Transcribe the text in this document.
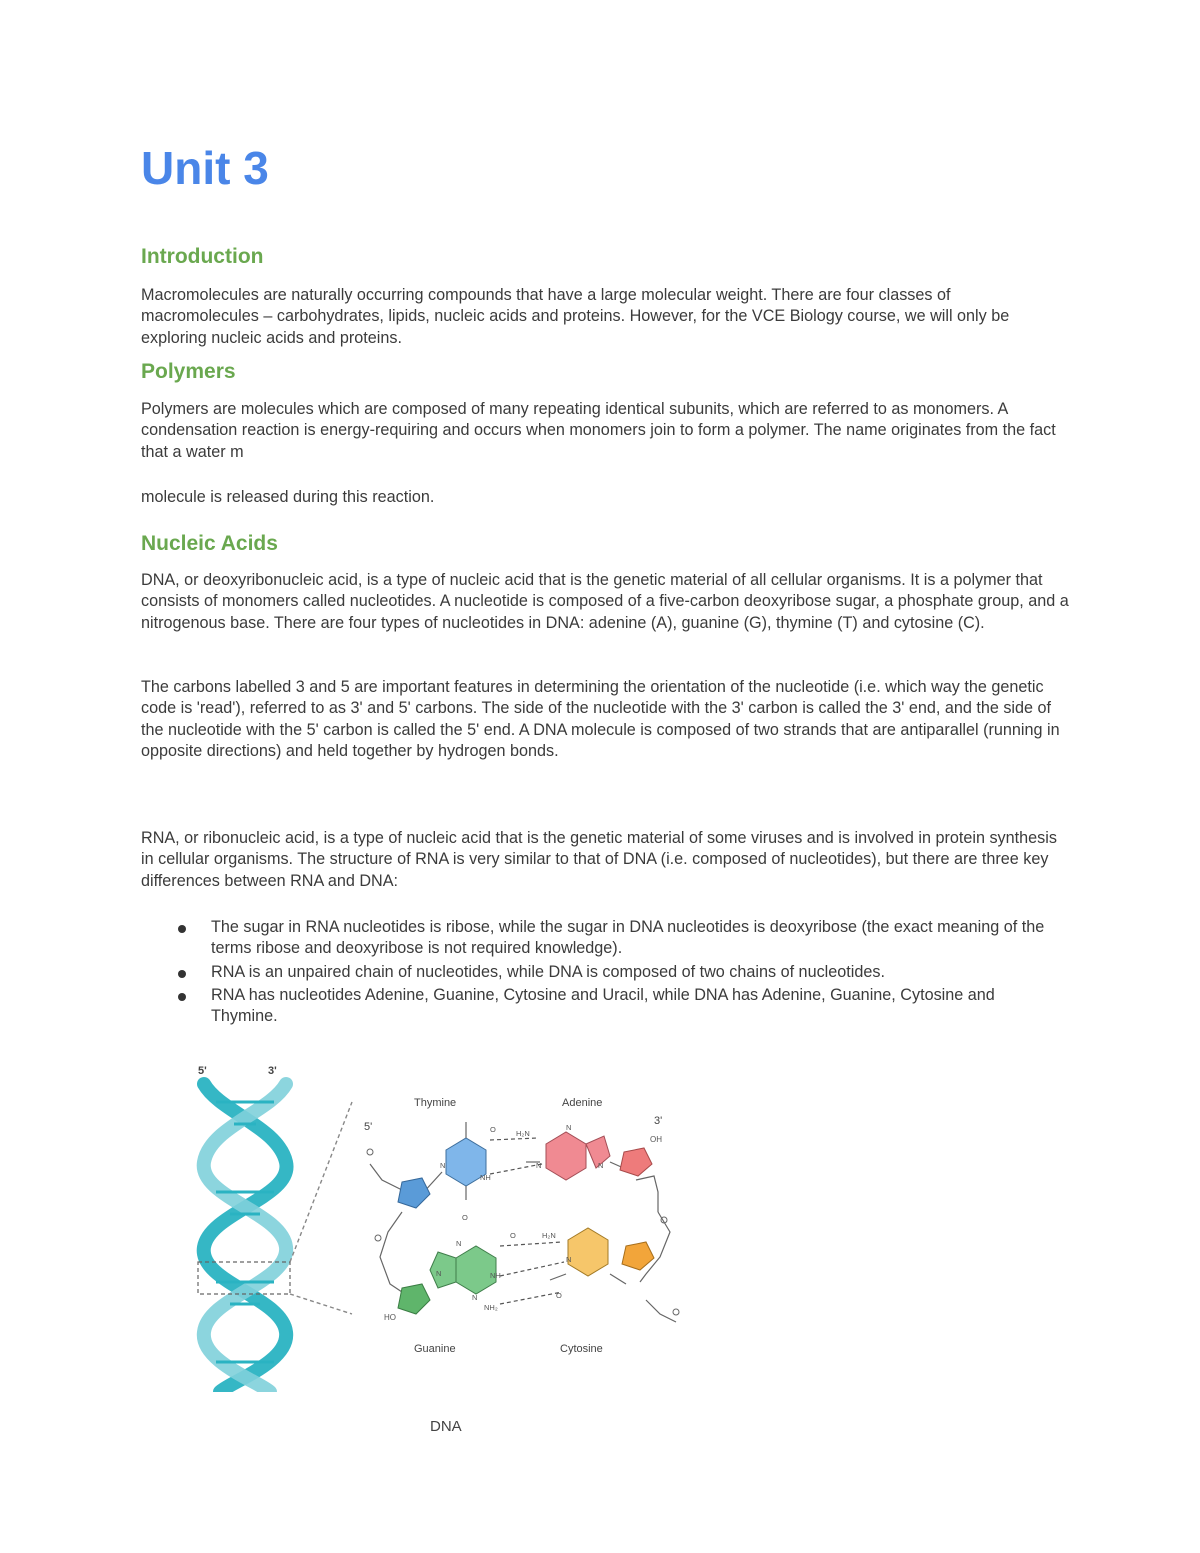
Unit 3
Introduction

Macromolecules are naturally occurring compounds that have a large molecular weight. There are four classes of macromolecules – carbohydrates, lipids, nucleic acids and proteins. However, for the VCE Biology course, we will only be exploring nucleic acids and proteins.

Polymers

Polymers are molecules which are composed of many repeating identical subunits, which are referred to as monomers. A condensation reaction is energy-requiring and occurs when monomers join to form a polymer. The name originates from the fact that a water m

molecule is released during this reaction.

Nucleic Acids

DNA, or deoxyribonucleic acid, is a type of nucleic acid that is the genetic material of all cellular organisms. It is a polymer that consists of monomers called nucleotides. A nucleotide is composed of a five-carbon deoxyribose sugar, a phosphate group, and a nitrogenous base. There are four types of nucleotides in DNA: adenine (A), guanine (G), thymine (T) and cytosine (C).

The carbons labelled 3 and 5 are important features in determining the orientation of the nucleotide (i.e. which way the genetic code is 'read'), referred to as 3' and 5' carbons. The side of the nucleotide with the 3' carbon is called the 3' end, and the side of the nucleotide with the 5' carbon is called the 5' end. A DNA molecule is composed of two strands that are antiparallel (running in opposite directions) and held together by hydrogen bonds.

RNA, or ribonucleic acid, is a type of nucleic acid that is the genetic material of some viruses and is involved in protein synthesis in cellular organisms. The structure of RNA is very similar to that of DNA (i.e. composed of nucleotides), but there are three key differences between RNA and DNA:

The sugar in RNA nucleotides is ribose, while the sugar in DNA nucleotides is deoxyribose (the exact meaning of the terms ribose and deoxyribose is not required knowledge).
RNA is an unpaired chain of nucleotides, while DNA is composed of two chains of nucleotides.
RNA has nucleotides Adenine, Guanine, Cytosine and Uracil, while DNA has Adenine, Guanine, Cytosine and Thymine.
5'	3'
Thymine	Adenine
Guanine	Cytosine
5'	3'
OH
HO
O	H₂N
NH
O
O	H₂N
NH
NH₂
O
N	N
N
N
N
N
N
N
DNA
